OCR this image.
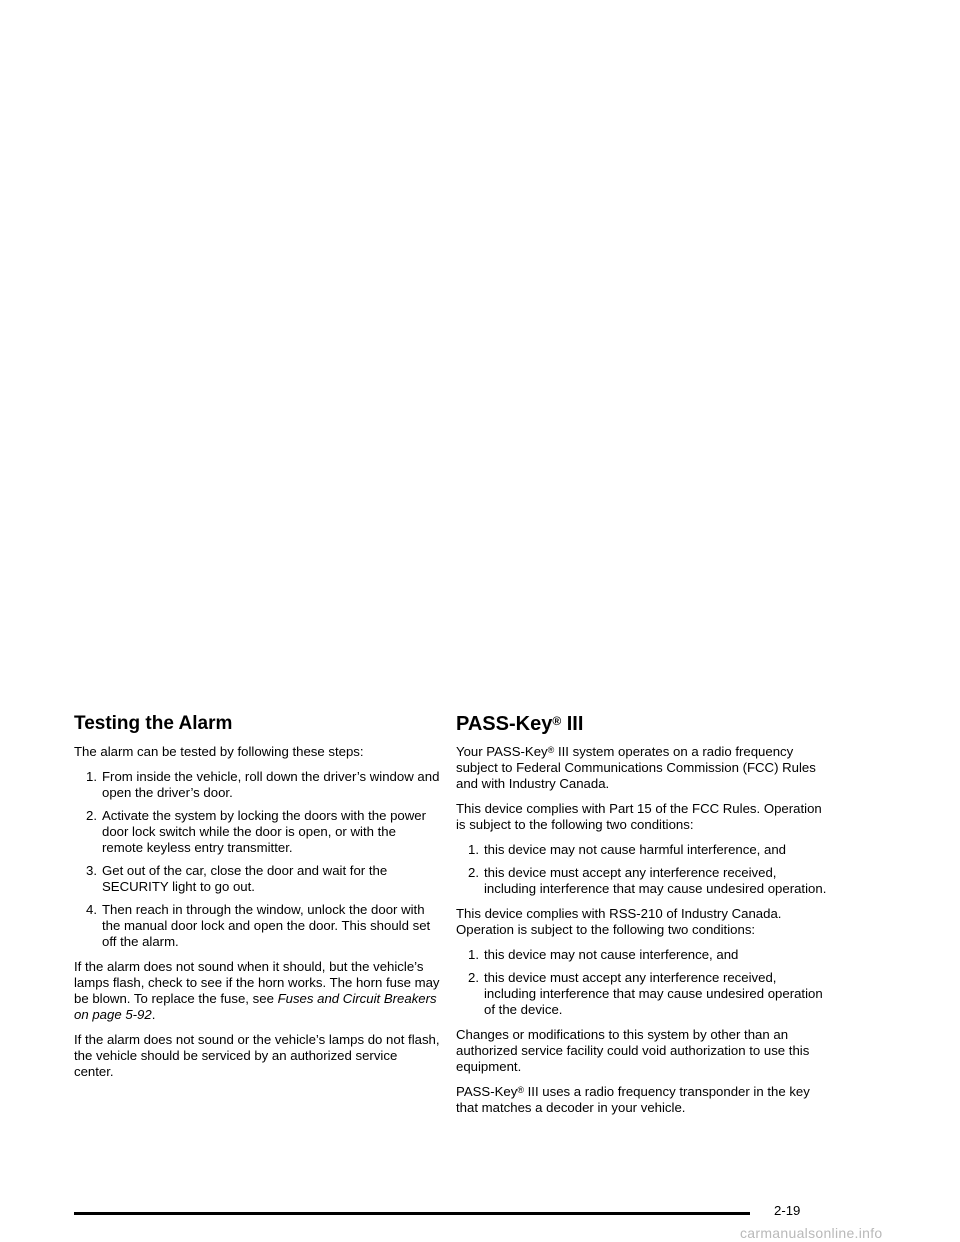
Testing the Alarm

The alarm can be tested by following these steps:

1. From inside the vehicle, roll down the driver’s window and open the driver’s door.
2. Activate the system by locking the doors with the power door lock switch while the door is open, or with the remote keyless entry transmitter.
3. Get out of the car, close the door and wait for the SECURITY light to go out.
4. Then reach in through the window, unlock the door with the manual door lock and open the door. This should set off the alarm.

If the alarm does not sound when it should, but the vehicle’s lamps flash, check to see if the horn works. The horn fuse may be blown. To replace the fuse, see Fuses and Circuit Breakers on page 5-92.

If the alarm does not sound or the vehicle’s lamps do not flash, the vehicle should be serviced by an authorized service center.

PASS-Key® III

Your PASS-Key® III system operates on a radio frequency subject to Federal Communications Commission (FCC) Rules and with Industry Canada.

This device complies with Part 15 of the FCC Rules. Operation is subject to the following two conditions:

1. this device may not cause harmful interference, and
2. this device must accept any interference received, including interference that may cause undesired operation.

This device complies with RSS-210 of Industry Canada. Operation is subject to the following two conditions:

1. this device may not cause interference, and
2. this device must accept any interference received, including interference that may cause undesired operation of the device.

Changes or modifications to this system by other than an authorized service facility could void authorization to use this equipment.

PASS-Key® III uses a radio frequency transponder in the key that matches a decoder in your vehicle.

2-19
carmanualsonline.info
